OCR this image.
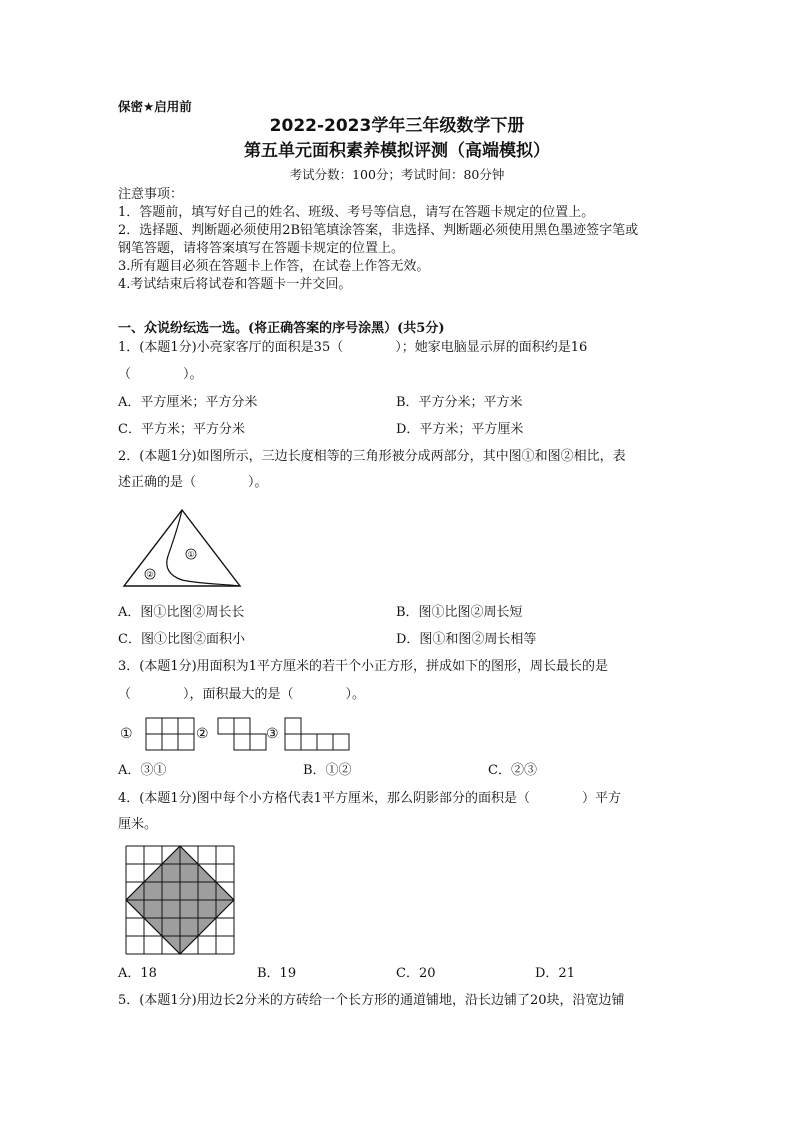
保密★启用前
2022-2023学年三年级数学下册
第五单元面积素养模拟评测（高端模拟）
考试分数：100分；考试时间：80分钟
注意事项：
1．答题前，填写好自己的姓名、班级、考号等信息，请写在答题卡规定的位置上。
2．选择题、判断题必须使用2B铅笔填涂答案，非选择、判断题必须使用黑色墨迹签字笔或
钢笔答题，请将答案填写在答题卡规定的位置上。
3.所有题目必须在答题卡上作答，在试卷上作答无效。
4.考试结束后将试卷和答题卡一并交回。
一、众说纷纭选一选。(将正确答案的序号涂黑）(共5分)
1．(本题1分)小亮家客厅的面积是35（　　　　）；她家电脑显示屏的面积约是16
（　　　　）。
A．平方厘米；平方分米	B．平方分米；平方米
C．平方米；平方分米	D．平方米；平方厘米
2．(本题1分)如图所示，三边长度相等的三角形被分成两部分，其中图①和图②相比，表
述正确的是（　　　　）。
①
②
A．图①比图②周长长	B．图①比图②周长短
C．图①比图②面积小	D．图①和图②周长相等
3．(本题1分)用面积为1平方厘米的若干个小正方形，拼成如下的图形，周长最长的是
（　　　　），面积最大的是（　　　　）。
①	②	③
A．③①	B．①②	C．②③
4．(本题1分)图中每个小方格代表1平方厘米，那么阴影部分的面积是（　　　　）平方
厘米。
A．18	B．19	C．20	D．21
5．(本题1分)用边长2分米的方砖给一个长方形的通道铺地，沿长边铺了20块，沿宽边铺
